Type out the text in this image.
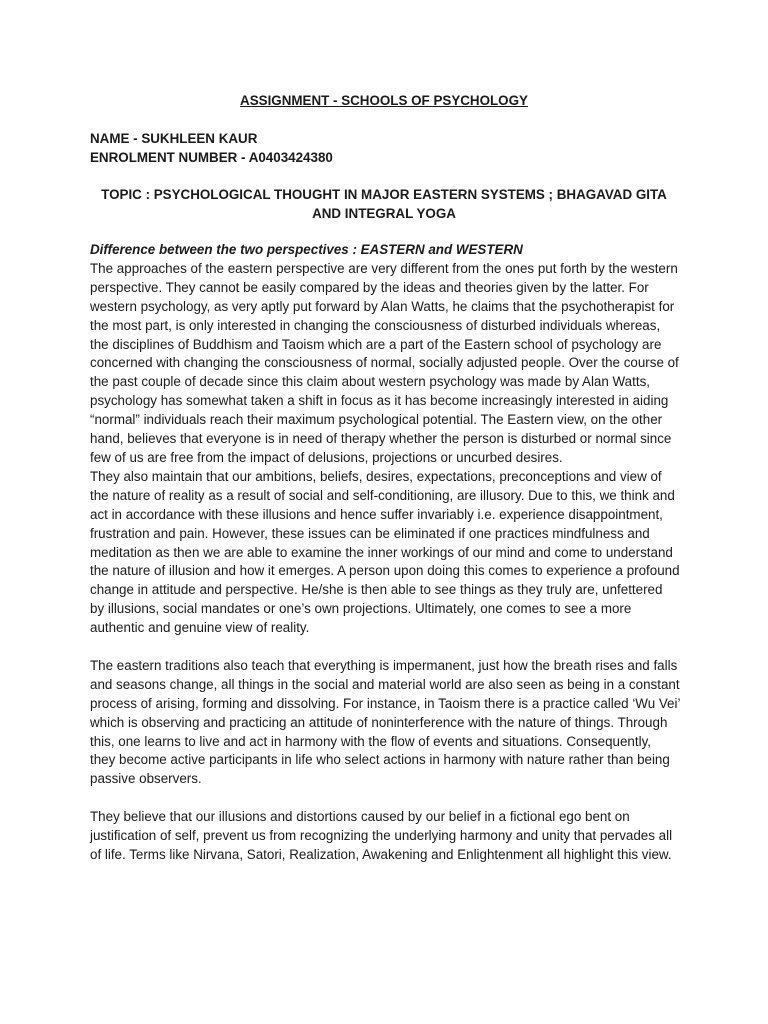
ASSIGNMENT - SCHOOLS OF PSYCHOLOGY
NAME - SUKHLEEN KAUR
ENROLMENT NUMBER - A0403424380

TOPIC : PSYCHOLOGICAL THOUGHT IN MAJOR EASTERN SYSTEMS ; BHAGAVAD GITA AND INTEGRAL YOGA

Difference between the two perspectives : EASTERN and WESTERN

The approaches of the eastern perspective are very different from the ones put forth by the western perspective. They cannot be easily compared by the ideas and theories given by the latter. For western psychology, as very aptly put forward by Alan Watts, he claims that the psychotherapist for the most part, is only interested in changing the consciousness of disturbed individuals whereas, the disciplines of Buddhism and Taoism which are a part of the Eastern school of psychology are concerned with changing the consciousness of normal, socially adjusted people. Over the course of the past couple of decade since this claim about western psychology was made by Alan Watts, psychology has somewhat taken a shift in focus as it has become increasingly interested in aiding “normal” individuals reach their maximum psychological potential. The Eastern view, on the other hand, believes that everyone is in need of therapy whether the person is disturbed or normal since few of us are free from the impact of delusions, projections or uncurbed desires.

They also maintain that our ambitions, beliefs, desires, expectations, preconceptions and view of the nature of reality as a result of social and self-conditioning, are illusory. Due to this, we think and act in accordance with these illusions and hence suffer invariably i.e. experience disappointment, frustration and pain. However, these issues can be eliminated if one practices mindfulness and meditation as then we are able to examine the inner workings of our mind and come to understand the nature of illusion and how it emerges. A person upon doing this comes to experience a profound change in attitude and perspective. He/she is then able to see things as they truly are, unfettered by illusions, social mandates or one’s own projections. Ultimately, one comes to see a more authentic and genuine view of reality.

The eastern traditions also teach that everything is impermanent, just how the breath rises and falls and seasons change, all things in the social and material world are also seen as being in a constant process of arising, forming and dissolving. For instance, in Taoism there is a practice called ‘Wu Vei’ which is observing and practicing an attitude of noninterference with the nature of things. Through this, one learns to live and act in harmony with the flow of events and situations. Consequently, they become active participants in life who select actions in harmony with nature rather than being passive observers.

They believe that our illusions and distortions caused by our belief in a fictional ego bent on justification of self, prevent us from recognizing the underlying harmony and unity that pervades all of life. Terms like Nirvana, Satori, Realization, Awakening and Enlightenment all highlight this view.
